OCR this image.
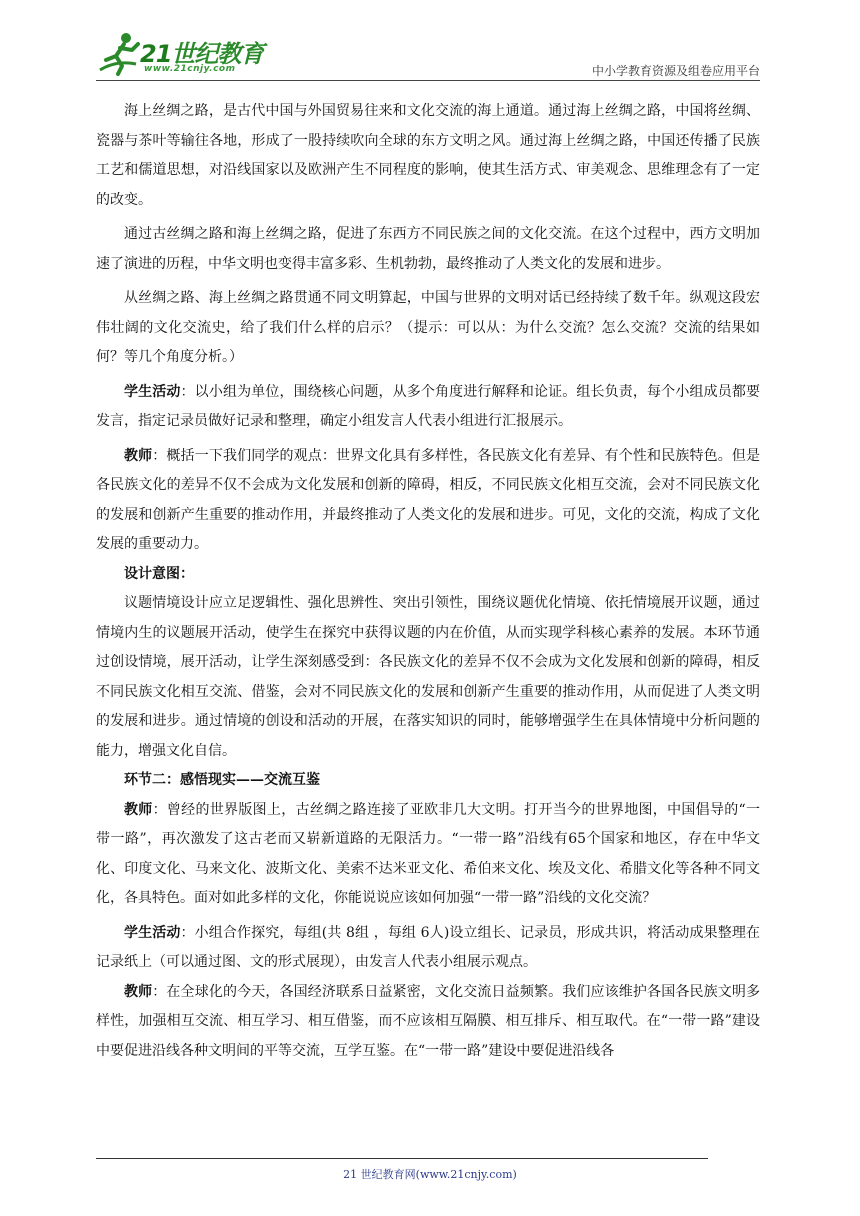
21世纪教育
www.21cnjy.com	中小学教育资源及组卷应用平台

海上丝绸之路，是古代中国与外国贸易往来和文化交流的海上通道。通过海上丝绸之路，中国将丝绸、瓷器与茶叶等输往各地，形成了一股持续吹向全球的东方文明之风。通过海上丝绸之路，中国还传播了民族工艺和儒道思想，对沿线国家以及欧洲产生不同程度的影响，使其生活方式、审美观念、思维理念有了一定的改变。

通过古丝绸之路和海上丝绸之路，促进了东西方不同民族之间的文化交流。在这个过程中，西方文明加速了演进的历程，中华文明也变得丰富多彩、生机勃勃，最终推动了人类文化的发展和进步。

从丝绸之路、海上丝绸之路贯通不同文明算起，中国与世界的文明对话已经持续了数千年。纵观这段宏伟壮阔的文化交流史，给了我们什么样的启示？（提示：可以从：为什么交流？怎么交流？交流的结果如何？等几个角度分析。）

学生活动：以小组为单位，围绕核心问题，从多个角度进行解释和论证。组长负责，每个小组成员都要发言，指定记录员做好记录和整理，确定小组发言人代表小组进行汇报展示。

教师：概括一下我们同学的观点：世界文化具有多样性，各民族文化有差异、有个性和民族特色。但是各民族文化的差异不仅不会成为文化发展和创新的障碍，相反，不同民族文化相互交流，会对不同民族文化的发展和创新产生重要的推动作用，并最终推动了人类文化的发展和进步。可见，文化的交流，构成了文化发展的重要动力。

设计意图：

议题情境设计应立足逻辑性、强化思辨性、突出引领性，围绕议题优化情境、依托情境展开议题，通过情境内生的议题展开活动，使学生在探究中获得议题的内在价值，从而实现学科核心素养的发展。本环节通过创设情境，展开活动，让学生深刻感受到：各民族文化的差异不仅不会成为文化发展和创新的障碍，相反不同民族文化相互交流、借鉴，会对不同民族文化的发展和创新产生重要的推动作用，从而促进了人类文明的发展和进步。通过情境的创设和活动的开展，在落实知识的同时，能够增强学生在具体情境中分析问题的能力，增强文化自信。

环节二：感悟现实——交流互鉴

教师：曾经的世界版图上，古丝绸之路连接了亚欧非几大文明。打开当今的世界地图，中国倡导的“一带一路”，再次激发了这古老而又崭新道路的无限活力。“一带一路”沿线有65个国家和地区，存在中华文化、印度文化、马来文化、波斯文化、美索不达米亚文化、希伯来文化、埃及文化、希腊文化等各种不同文化，各具特色。面对如此多样的文化，你能说说应该如何加强“一带一路”沿线的文化交流？

学生活动：小组合作探究，每组(共 8组 ，每组 6人)设立组长、记录员，形成共识，将活动成果整理在记录纸上（可以通过图、文的形式展现），由发言人代表小组展示观点。

教师：在全球化的今天，各国经济联系日益紧密，文化交流日益频繁。我们应该维护各国各民族文明多样性，加强相互交流、相互学习、相互借鉴，而不应该相互隔膜、相互排斥、相互取代。在“一带一路”建设中要促进沿线各种文明间的平等交流，互学互鉴。在“一带一路”建设中要促进沿线各

21 世纪教育网(www.21cnjy.com)
